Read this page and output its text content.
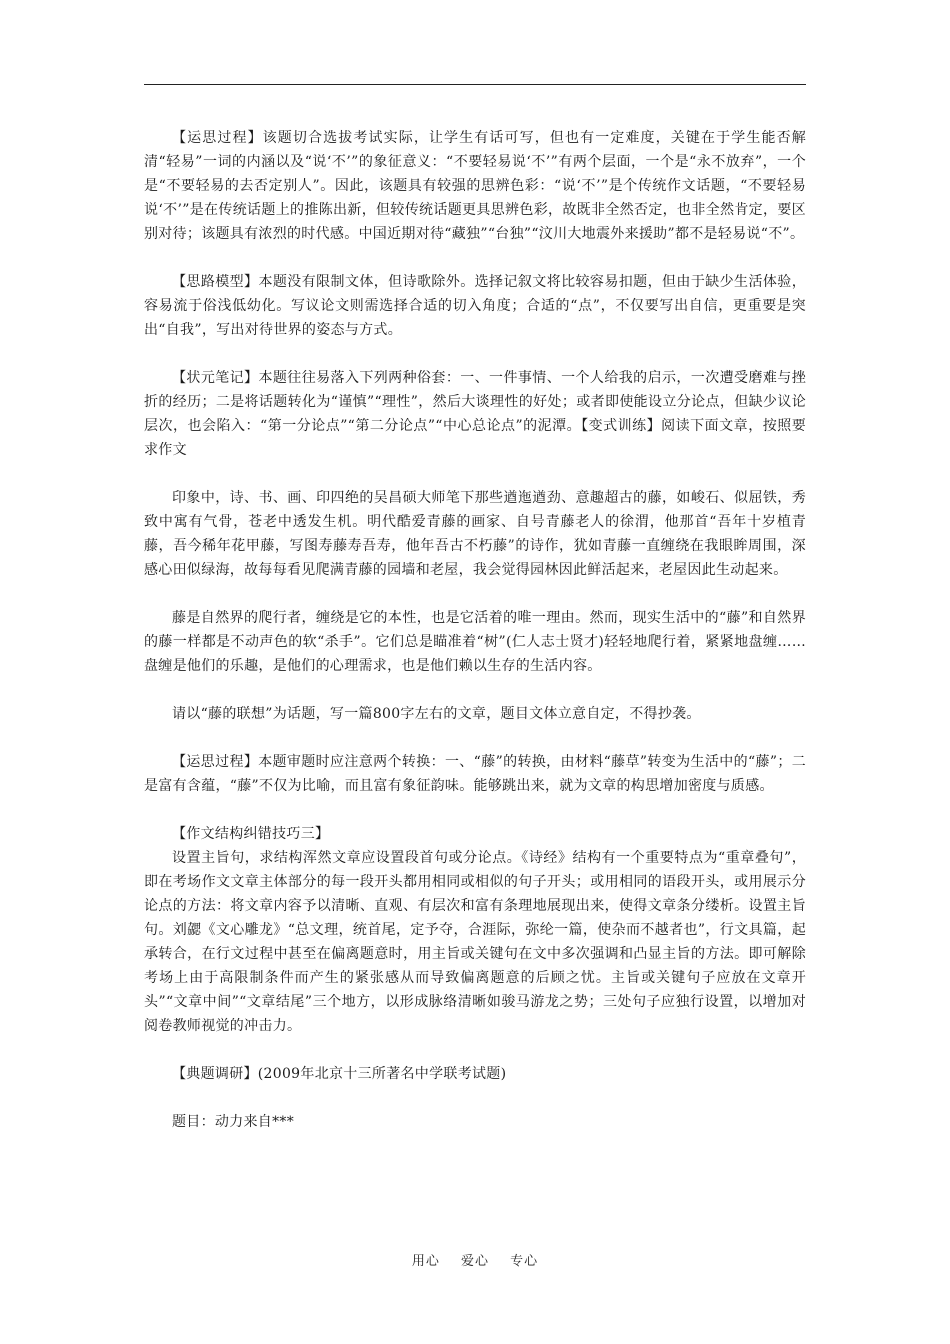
【运思过程】该题切合选拔考试实际，让学生有话可写，但也有一定难度，关键在于学生能否解清“轻易”一词的内涵以及“说‘不’”的象征意义：“不要轻易说‘不’”有两个层面，一个是“永不放弃”，一个是“不要轻易的去否定别人”。因此，该题具有较强的思辨色彩：“说‘不’”是个传统作文话题，“不要轻易说‘不’”是在传统话题上的推陈出新，但较传统话题更具思辨色彩，故既非全然否定，也非全然肯定，要区别对待；该题具有浓烈的时代感。中国近期对待“藏独”“台独”“汶川大地震外来援助”都不是轻易说“不”。

【思路模型】本题没有限制文体，但诗歌除外。选择记叙文将比较容易扣题，但由于缺少生活体验，容易流于俗浅低幼化。写议论文则需选择合适的切入角度；合适的“点”，不仅要写出自信，更重要是突出“自我”，写出对待世界的姿态与方式。

【状元笔记】本题往往易落入下列两种俗套：一、一件事情、一个人给我的启示，一次遭受磨难与挫折的经历；二是将话题转化为“谨慎”“理性”，然后大谈理性的好处；或者即使能设立分论点，但缺少议论层次，也会陷入：“第一分论点”“第二分论点”“中心总论点”的泥潭。【变式训练】阅读下面文章，按照要求作文

印象中，诗、书、画、印四绝的吴昌硕大师笔下那些遒迤遒劲、意趣超古的藤，如峻石、似屈铁，秀致中寓有气骨，苍老中透发生机。明代酷爱青藤的画家、自号青藤老人的徐渭，他那首“吾年十岁植青藤，吾今稀年花甲藤，写图寿藤寿吾寿，他年吾古不朽藤”的诗作，犹如青藤一直缠绕在我眼眸周围，深感心田似绿海，故每每看见爬满青藤的园墙和老屋，我会觉得园林因此鲜活起来，老屋因此生动起来。

藤是自然界的爬行者，缠绕是它的本性，也是它活着的唯一理由。然而，现实生活中的“藤”和自然界的藤一样都是不动声色的软“杀手”。它们总是瞄准着“树”(仁人志士贤才)轻轻地爬行着，紧紧地盘缠……盘缠是他们的乐趣，是他们的心理需求，也是他们赖以生存的生活内容。

请以“藤的联想”为话题，写一篇800字左右的文章，题目文体立意自定，不得抄袭。

【运思过程】本题审题时应注意两个转换：一、“藤”的转换，由材料“藤草”转变为生活中的“藤”；二是富有含蕴，“藤”不仅为比喻，而且富有象征韵味。能够跳出来，就为文章的构思增加密度与质感。

【作文结构纠错技巧三】

设置主旨句，求结构浑然文章应设置段首句或分论点。《诗经》结构有一个重要特点为“重章叠句”，即在考场作文文章主体部分的每一段开头都用相同或相似的句子开头；或用相同的语段开头，或用展示分论点的方法：将文章内容予以清晰、直观、有层次和富有条理地展现出来，使得文章条分缕析。设置主旨句。刘勰《文心雕龙》“总文理，统首尾，定予夺，合涯际，弥纶一篇，使杂而不越者也”，行文具篇，起承转合，在行文过程中甚至在偏离题意时，用主旨或关键句在文中多次强调和凸显主旨的方法。即可解除考场上由于高限制条件而产生的紧张感从而导致偏离题意的后顾之忧。主旨或关键句子应放在文章开头”“文章中间”“文章结尾”三个地方，以形成脉络清晰如骏马游龙之势；三处句子应独行设置，以增加对阅卷教师视觉的冲击力。

【典题调研】(2009年北京十三所著名中学联考试题)

题目：动力来自***

用心 爱心 专心
